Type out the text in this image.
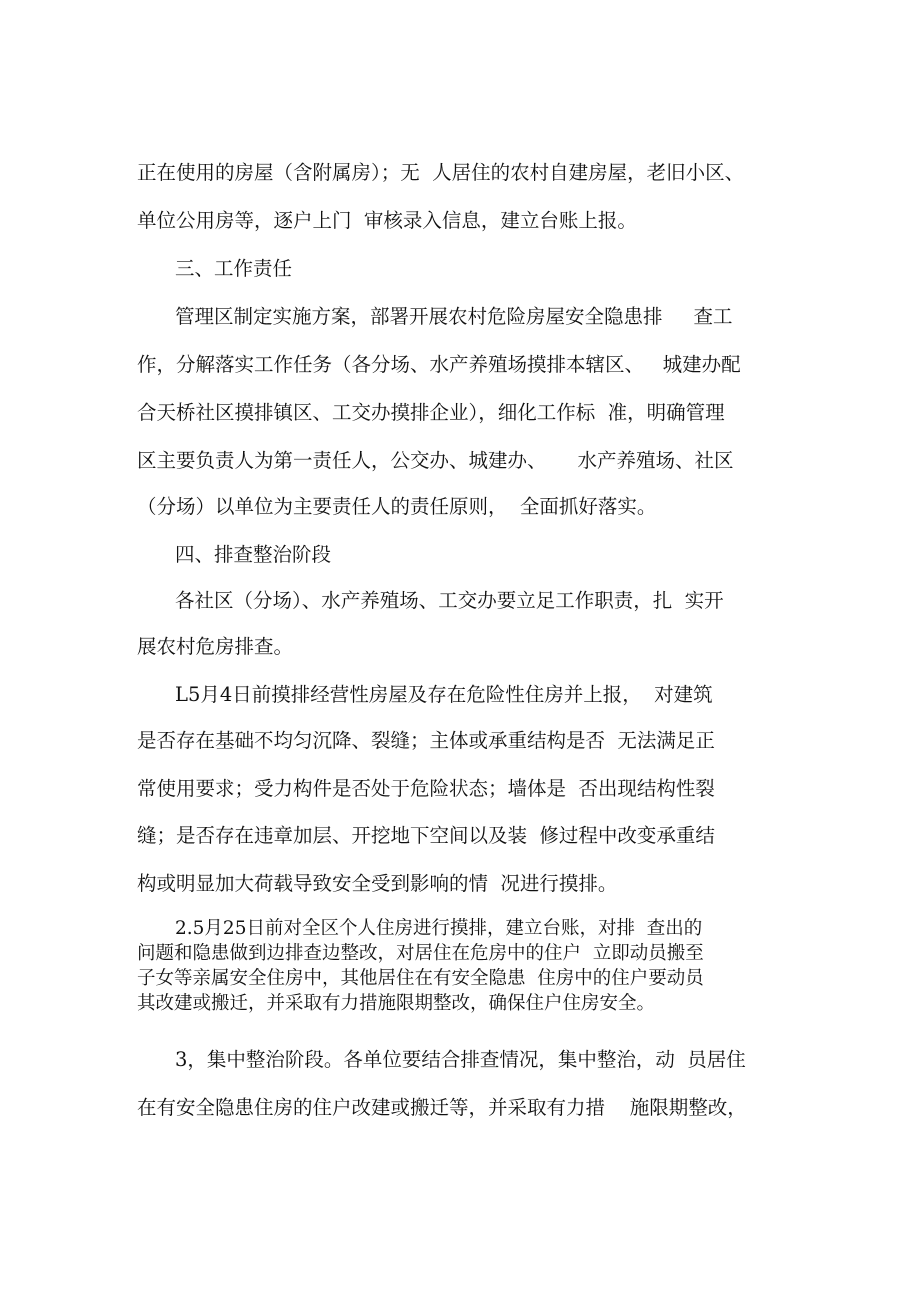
正在使用的房屋（含附属房）；无  人居住的农村自建房屋，老旧小区、
单位公用房等，逐户上门  审核录入信息，建立台账上报。
三、工作责任
管理区制定实施方案，部署开展农村危险房屋安全隐患排     查工
作，分解落实工作任务（各分场、水产养殖场摸排本辖区、   城建办配
合天桥社区摸排镇区、工交办摸排企业），细化工作标  准，明确管理
区主要负责人为第一责任人，公交办、城建办、     水产养殖场、社区
（分场）以单位为主要责任人的责任原则，  全面抓好落实。
四、排查整治阶段
各社区（分场）、水产养殖场、工交办要立足工作职责，扎  实开
展农村危房排查。
L5月4日前摸排经营性房屋及存在危险性住房并上报，  对建筑
是否存在基础不均匀沉降、裂缝；主体或承重结构是否  无法满足正
常使用要求；受力构件是否处于危险状态；墙体是  否出现结构性裂
缝；是否存在违章加层、开挖地下空间以及装  修过程中改变承重结
构或明显加大荷载导致安全受到影响的情  况进行摸排。
2.5月25日前对全区个人住房进行摸排，建立台账，对排  查出的
问题和隐患做到边排查边整改，对居住在危房中的住户  立即动员搬至
子女等亲属安全住房中，其他居住在有安全隐患  住房中的住户要动员
其改建或搬迁，并采取有力措施限期整改，确保住户住房安全。
3，集中整治阶段。各单位要结合排查情况，集中整治，动  员居住
在有安全隐患住房的住户改建或搬迁等，并采取有力措    施限期整改，
